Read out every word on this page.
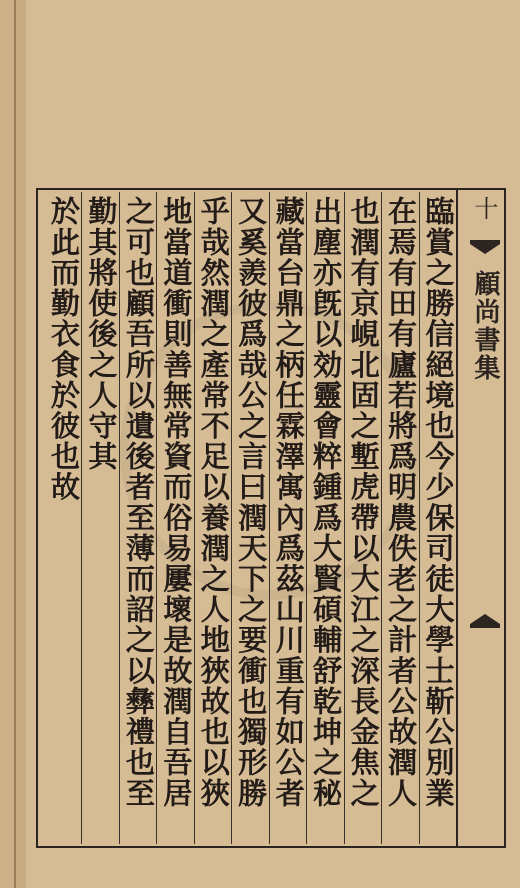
十
顧尚書集
臨賞之勝信絕境也今少保司徒大學士靳公別業
在焉有田有廬若將爲明農佚老之計者公故潤人
也潤有京峴北固之塹虎帶以大江之深長金焦之
出塵亦旣以効靈會粹鍾爲大賢碩輔舒乾坤之秘
藏當台鼎之柄任霖澤寓內爲茲山川重有如公者
又奚羨彼爲哉公之言曰潤天下之要衝也獨形勝
乎哉然潤之產常不足以養潤之人地狹故也以狹
地當道衝則善無常資而俗易屢壞是故潤自吾居
之可也顧吾所以遺後者至薄而詔之以彝禮也至
勤其將使後之人守其
於此而勤衣食於彼也故
